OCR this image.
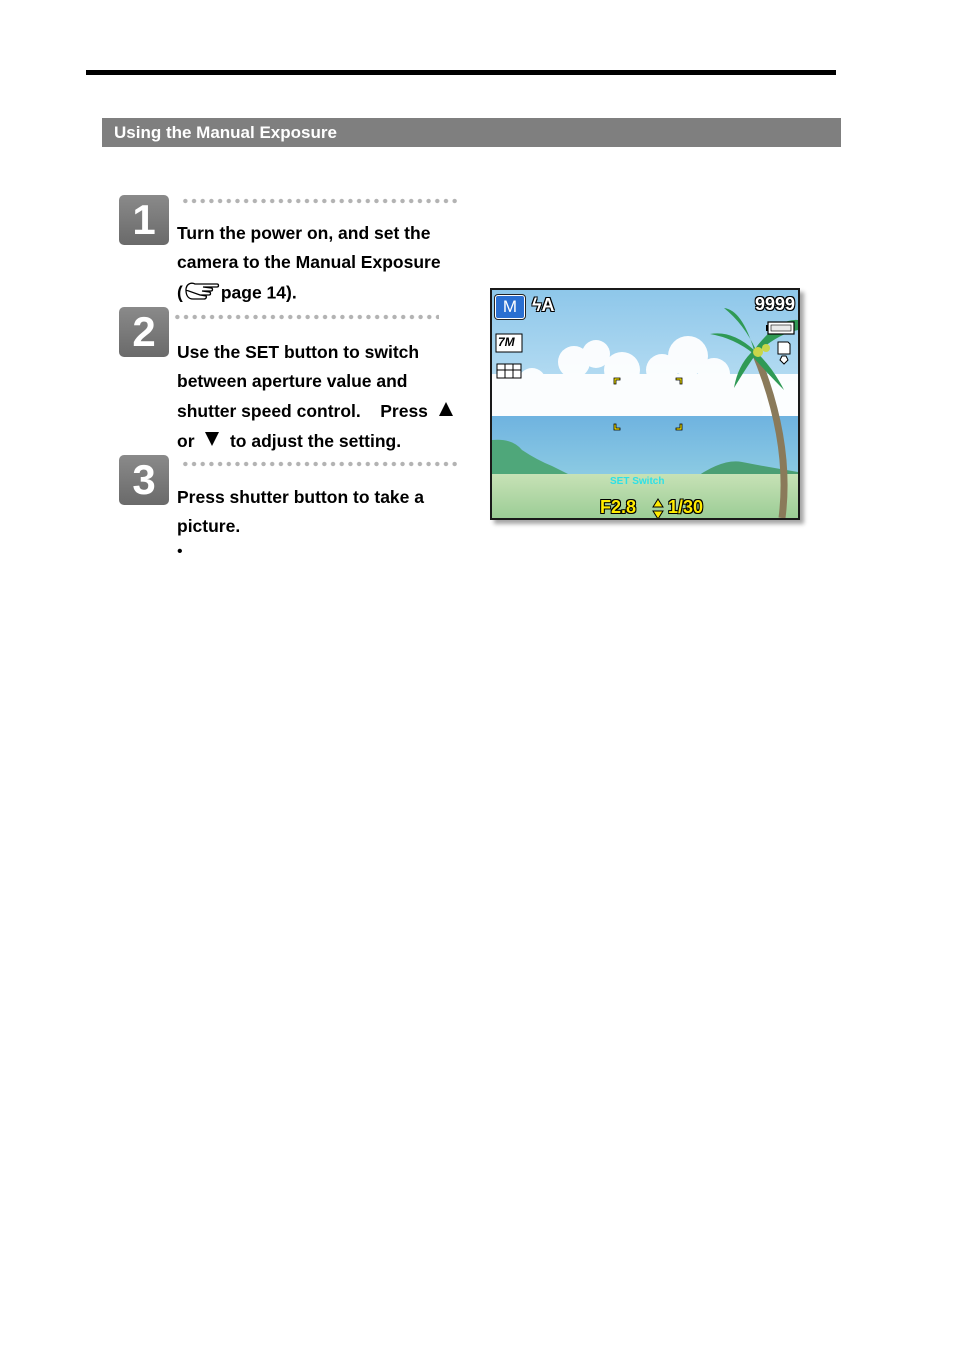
Using the Manual Exposure
1	Turn the power on, and set the
camera to the Manual Exposure
( page 14).
2	Use the SET button to switch
between aperture value and
shutter speed control.    Press
or to adjust the setting.
3	Press shutter button to take a
picture.
•
M ϟA	9999
7M
SET Switch
F2.8 1/30
